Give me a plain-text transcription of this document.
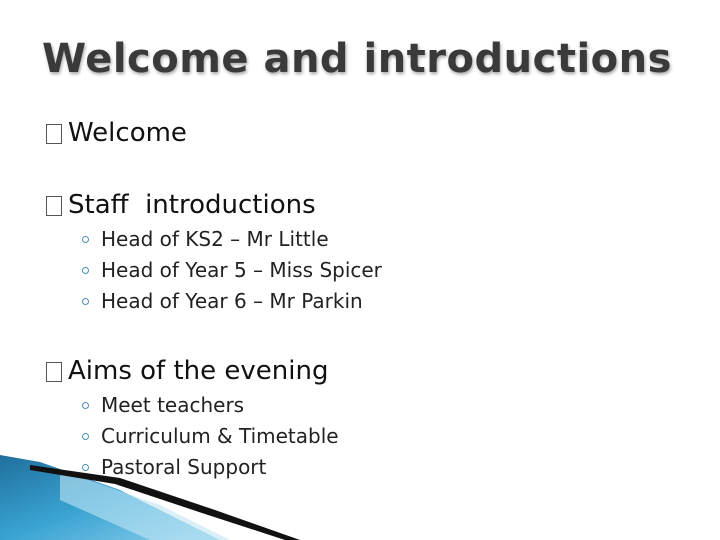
Welcome and introductions
Welcome
Staff  introductions
Head of KS2 – Mr Little
Head of Year 5 – Miss Spicer
Head of Year 6 – Mr Parkin
Aims of the evening
Meet teachers
Curriculum & Timetable
Pastoral Support
